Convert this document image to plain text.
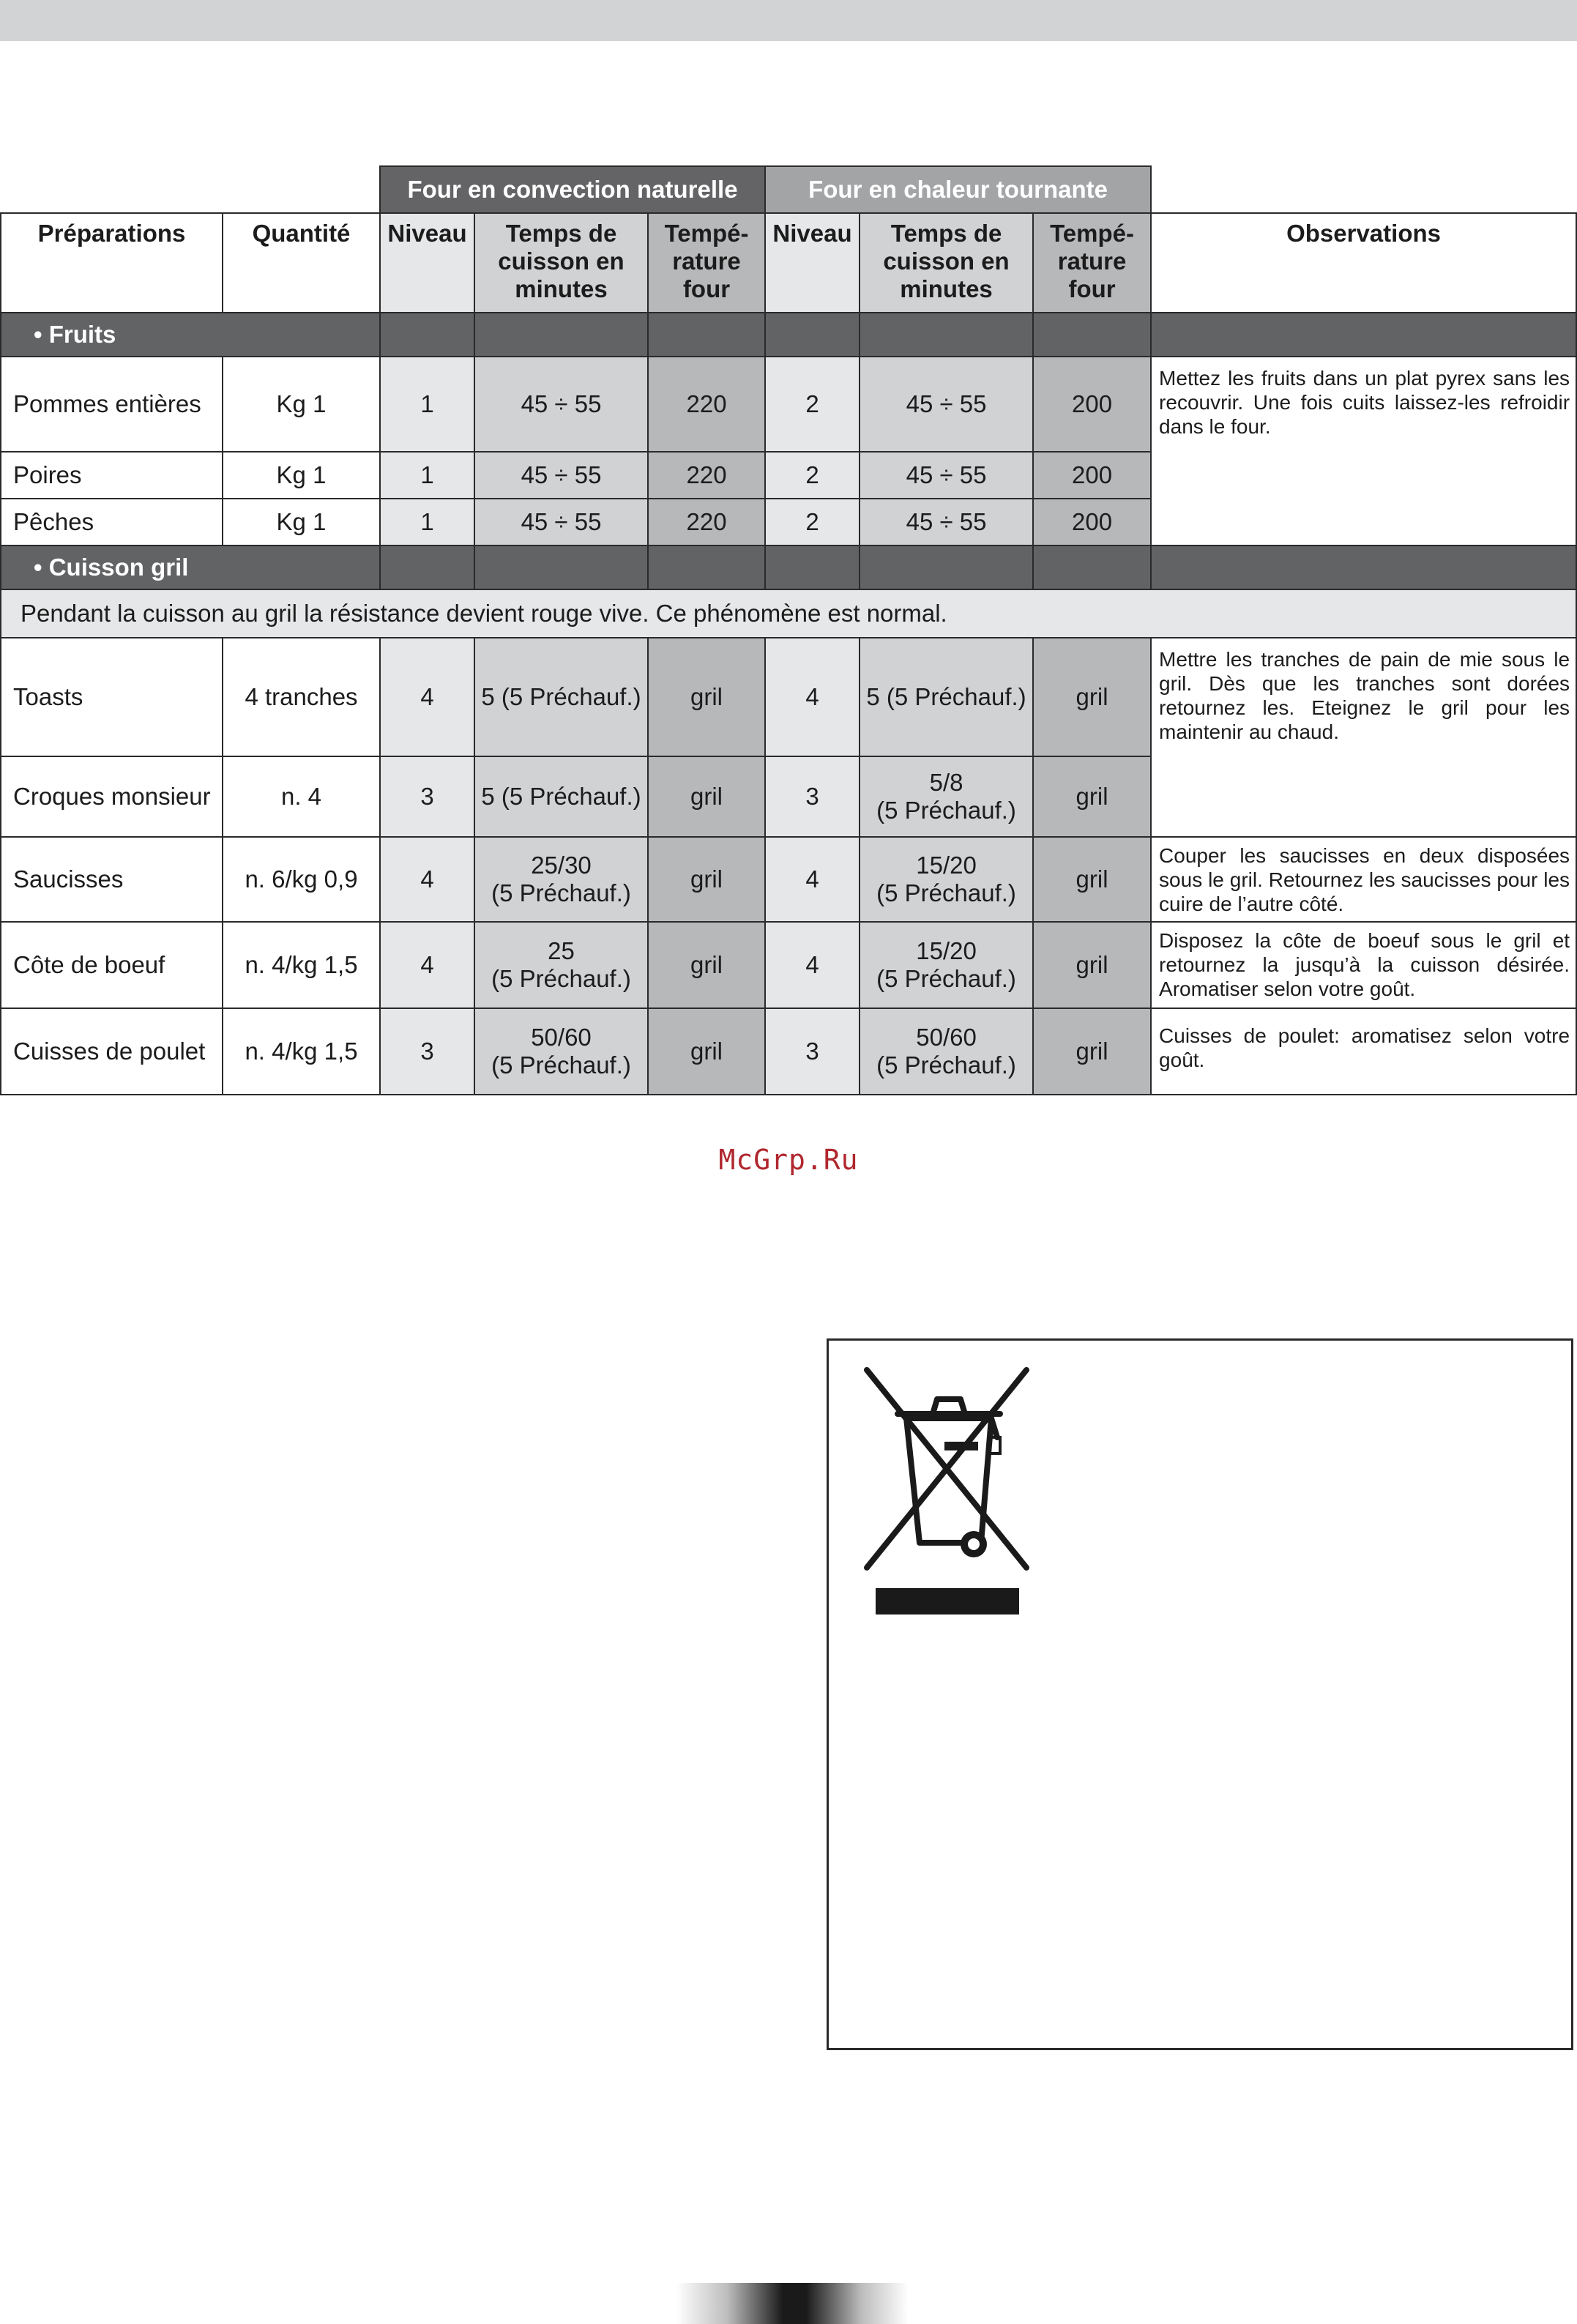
		Four en convection naturelle			Four en chaleur tournante			
Préparations	Quantité	Niveau	Temps de
cuisson en
minutes	Tempé-
rature
four	Niveau	Temps de
cuisson en
minutes	Tempé-
rature
four	Observations
• Fruits								
Pommes entières	Kg 1	1	45 ÷ 55	220	2	45 ÷ 55	200	Mettez les fruits dans un plat pyrex sans les recouvrir. Une fois cuits laissez-les refroidir dans le four.
Poires	Kg 1	1	45 ÷ 55	220	2	45 ÷ 55	200	
Pêches	Kg 1	1	45 ÷ 55	220	2	45 ÷ 55	200	
• Cuisson gril								
Pendant la cuisson au gril la résistance devient rouge vive. Ce phénomène est normal.								
Toasts	4 tranches	4	5 (5 Préchauf.)	gril	4	5 (5 Préchauf.)	gril	Mettre les tranches de pain de mie sous le gril. Dès que les tranches sont dorées retournez les. Eteignez le gril pour les maintenir au chaud.
Croques monsieur	n. 4	3	5 (5 Préchauf.)	gril	3	5/8
(5 Préchauf.)	gril	
Saucisses	n. 6/kg 0,9	4	25/30
(5 Préchauf.)	gril	4	15/20
(5 Préchauf.)	gril	Couper les saucisses en deux disposées sous le gril. Retournez les saucisses pour les cuire de l’autre côté.
Côte de boeuf	n. 4/kg 1,5	4	25
(5 Préchauf.)	gril	4	15/20
(5 Préchauf.)	gril	Disposez la côte de boeuf sous le gril et retournez la jusqu’à la cuisson désirée. Aromatiser selon votre goût.
Cuisses de poulet	n. 4/kg 1,5	3	50/60
(5 Préchauf.)	gril	3	50/60
(5 Préchauf.)	gril	Cuisses de poulet: aromatisez selon votre goût.
McGrp.Ru
